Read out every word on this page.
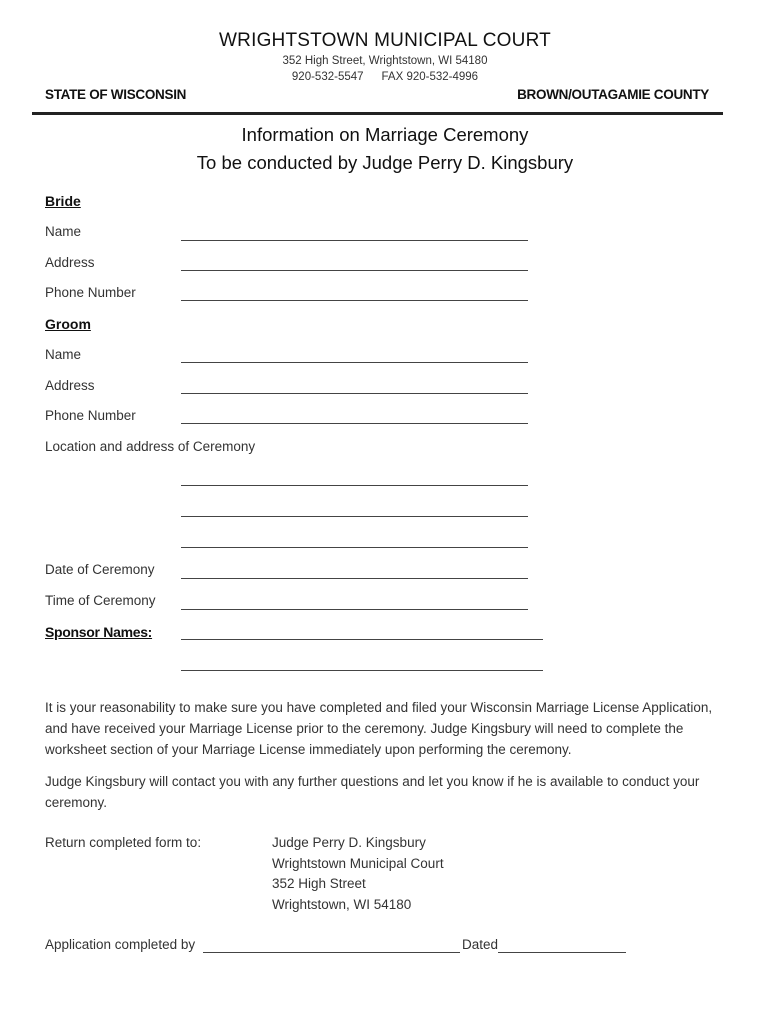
WRIGHTSTOWN MUNICIPAL COURT
352 High Street, Wrightstown, WI 54180
920-532-5547 FAX 920-532-4996
STATE OF WISCONSIN	BROWN/OUTAGAMIE COUNTY
Information on Marriage Ceremony
To be conducted by Judge Perry D. Kingsbury
Bride
Name
Address
Phone Number
Groom
Name
Address
Phone Number
Location and address of Ceremony
Date of Ceremony
Time of Ceremony
Sponsor Names:
It is your reasonability to make sure you have completed and filed your Wisconsin Marriage License Application,
and have received your Marriage License prior to the ceremony. Judge Kingsbury will need to complete the
worksheet section of your Marriage License immediately upon performing the ceremony.
Judge Kingsbury will contact you with any further questions and let you know if he is available to conduct your
ceremony.
Return completed form to:	Judge Perry D. Kingsbury
Wrightstown Municipal Court
352 High Street
Wrightstown, WI 54180
Application completed by	Dated
